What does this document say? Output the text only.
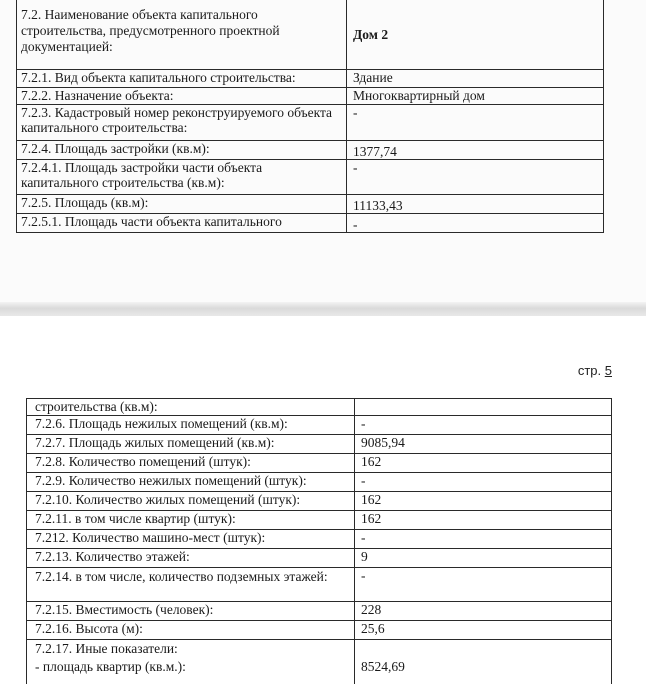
7.2. Наименование объекта капитального строительства, предусмотренного проектной документацией:	Дом 2
7.2.1. Вид объекта капитального строительства:	Здание
7.2.2. Назначение объекта:	Многоквартирный дом
7.2.3. Кадастровый номер реконструируемого объекта капитального строительства:	-
7.2.4. Площадь застройки (кв.м):	1377,74
7.2.4.1. Площадь застройки части объекта капитального строительства (кв.м):	-
7.2.5. Площадь (кв.м):	11133,43
7.2.5.1. Площадь части объекта капитального	-
стр. 5
строительства (кв.м):	
7.2.6. Площадь нежилых помещений (кв.м):	-
7.2.7. Площадь жилых помещений (кв.м):	9085,94
7.2.8. Количество помещений (штук):	162
7.2.9. Количество нежилых помещений (штук):	-
7.2.10. Количество жилых помещений (штук):	162
7.2.11. в том числе квартир (штук):	162
7.212. Количество машино-мест (штук):	-
7.2.13. Количество этажей:	9
7.2.14. в том числе, количество подземных этажей:	-
7.2.15. Вместимость (человек):	228
7.2.16. Высота (м):	25,6

7.2.17. Иные показатели:
- площадь квартир (кв.м.):	8524,69
